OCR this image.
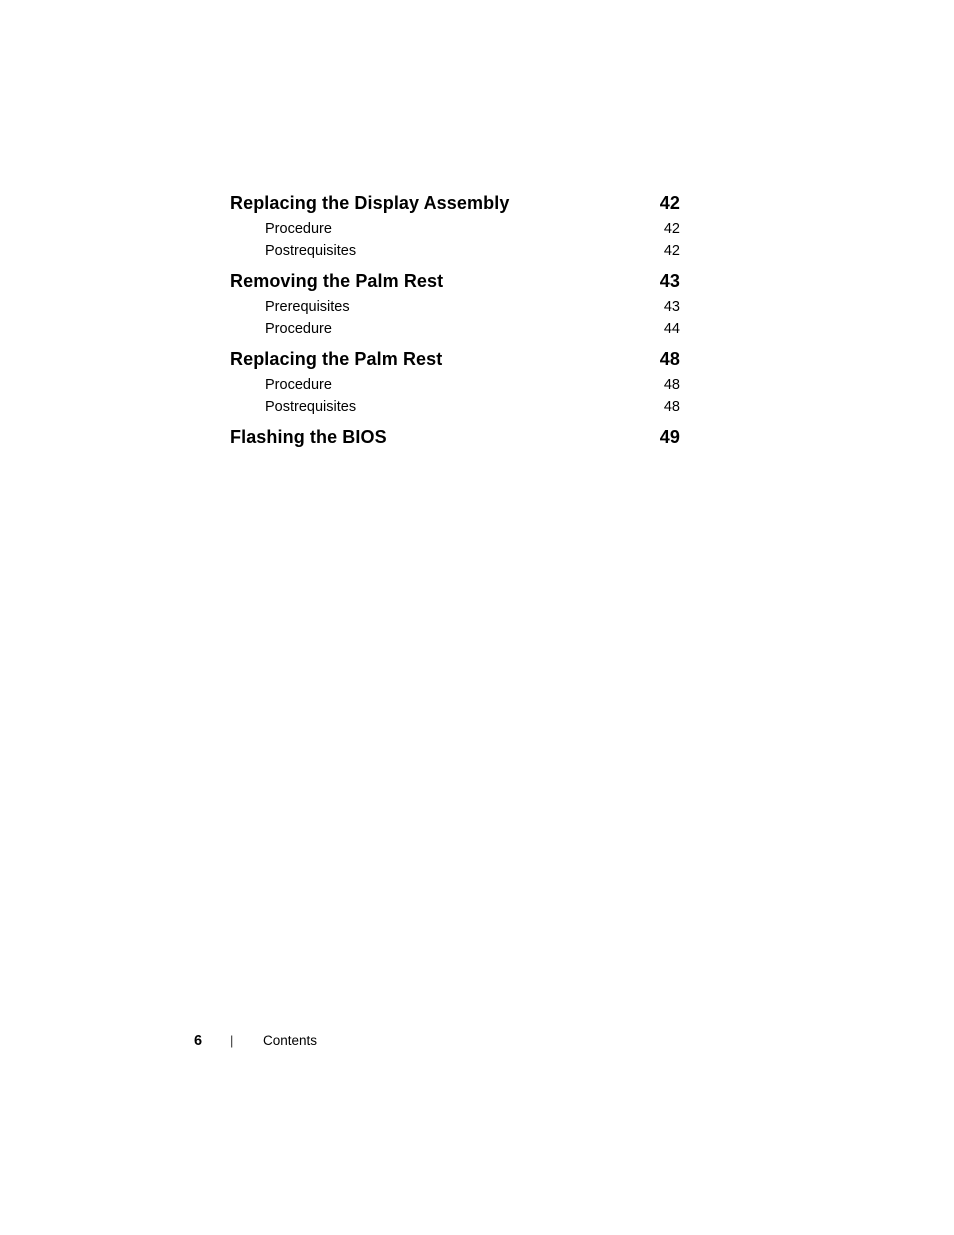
Replacing the Display Assembly	42
Procedure	42
Postrequisites	42
Removing the Palm Rest	43
Prerequisites	43
Procedure	44
Replacing the Palm Rest	48
Procedure	48
Postrequisites	48
Flashing the BIOS	49
6	|	Contents
